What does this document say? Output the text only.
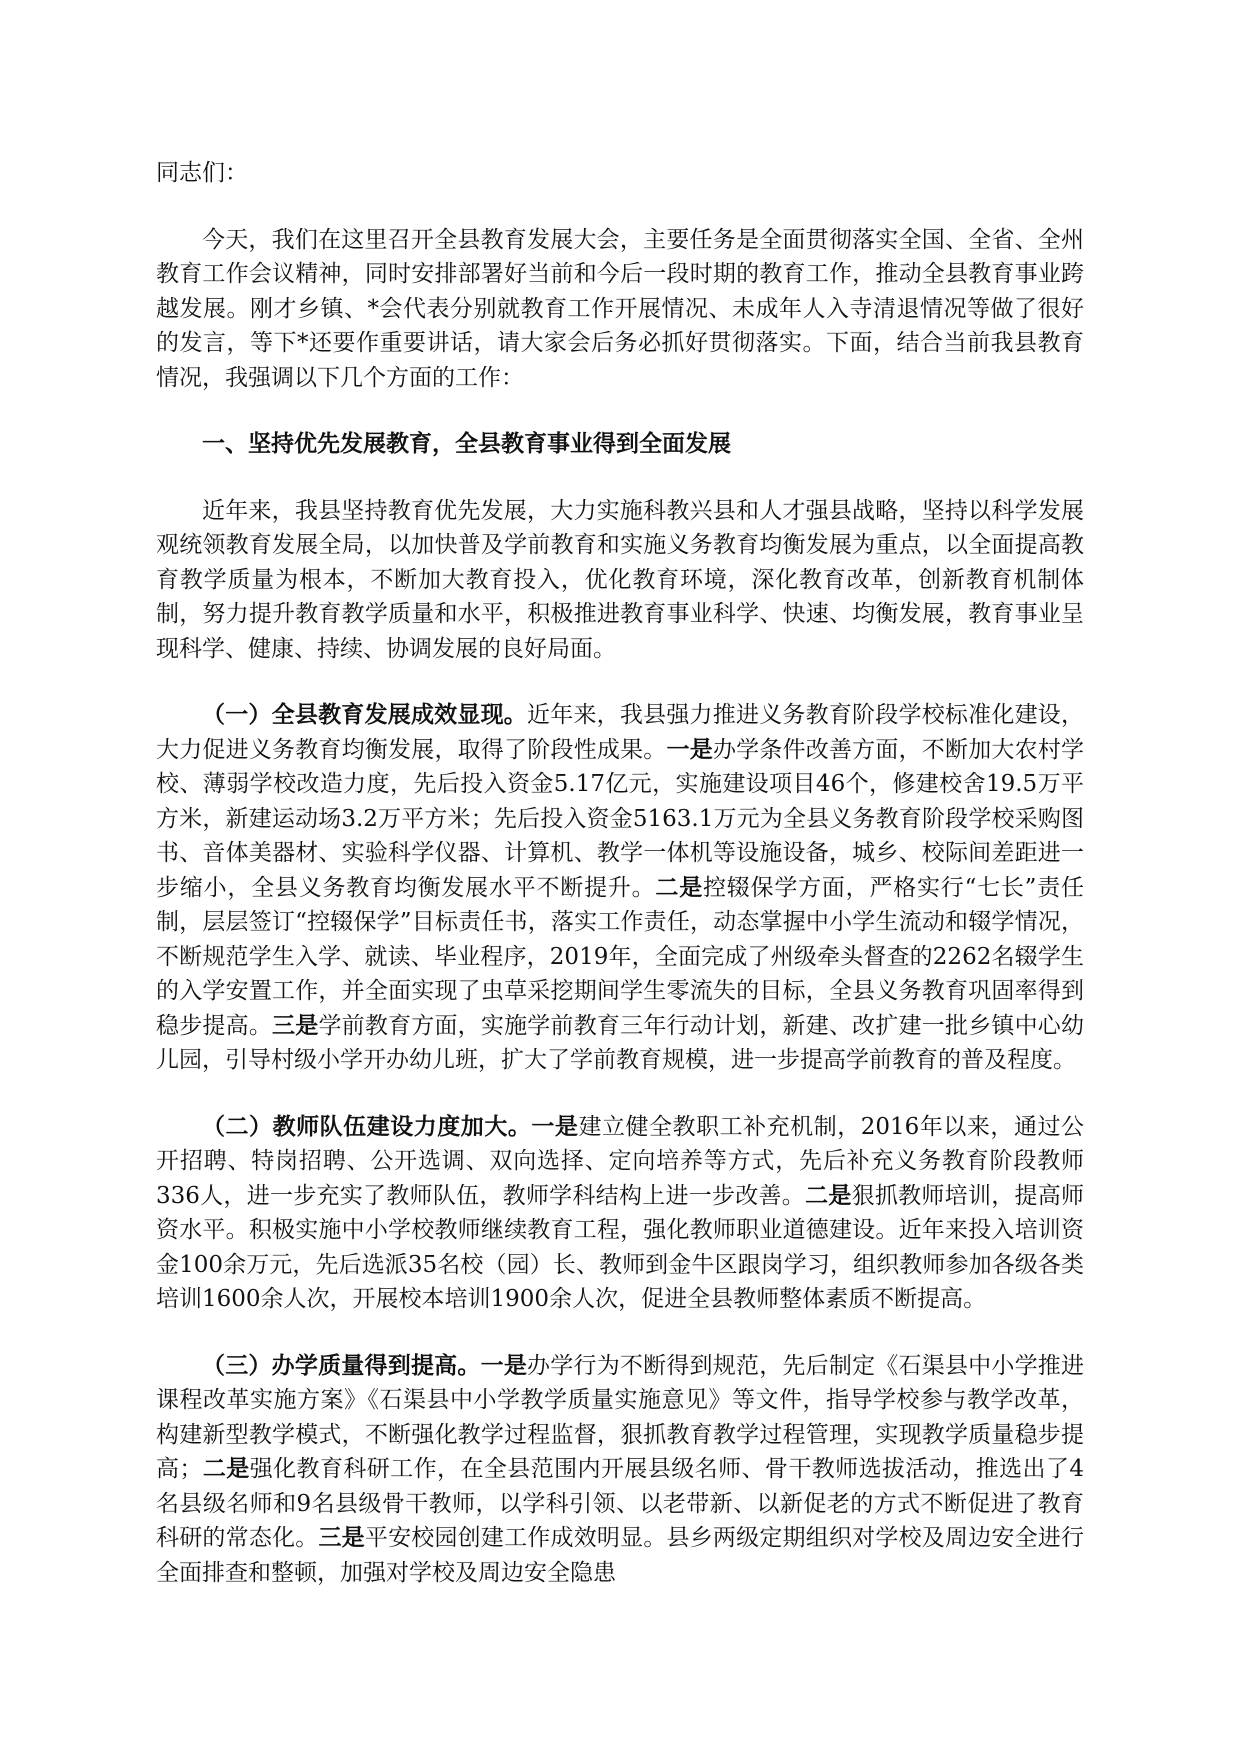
同志们：

今天，我们在这里召开全县教育发展大会，主要任务是全面贯彻落实全国、全省、全州教育工作会议精神，同时安排部署好当前和今后一段时期的教育工作，推动全县教育事业跨越发展。刚才乡镇、*会代表分别就教育工作开展情况、未成年人入寺清退情况等做了很好的发言，等下*还要作重要讲话，请大家会后务必抓好贯彻落实。下面，结合当前我县教育情况，我强调以下几个方面的工作：

一、坚持优先发展教育，全县教育事业得到全面发展

近年来，我县坚持教育优先发展，大力实施科教兴县和人才强县战略，坚持以科学发展观统领教育发展全局，以加快普及学前教育和实施义务教育均衡发展为重点，以全面提高教育教学质量为根本，不断加大教育投入，优化教育环境，深化教育改革，创新教育机制体制，努力提升教育教学质量和水平，积极推进教育事业科学、快速、均衡发展，教育事业呈现科学、健康、持续、协调发展的良好局面。

（一）全县教育发展成效显现。近年来，我县强力推进义务教育阶段学校标准化建设，大力促进义务教育均衡发展，取得了阶段性成果。一是办学条件改善方面，不断加大农村学校、薄弱学校改造力度，先后投入资金5.17亿元，实施建设项目46个，修建校舍19.5万平方米，新建运动场3.2万平方米；先后投入资金5163.1万元为全县义务教育阶段学校采购图书、音体美器材、实验科学仪器、计算机、教学一体机等设施设备，城乡、校际间差距进一步缩小，全县义务教育均衡发展水平不断提升。二是控辍保学方面，严格实行“七长”责任制，层层签订“控辍保学”目标责任书，落实工作责任，动态掌握中小学生流动和辍学情况，不断规范学生入学、就读、毕业程序，2019年，全面完成了州级牵头督查的2262名辍学生的入学安置工作，并全面实现了虫草采挖期间学生零流失的目标，全县义务教育巩固率得到稳步提高。三是学前教育方面，实施学前教育三年行动计划，新建、改扩建一批乡镇中心幼儿园，引导村级小学开办幼儿班，扩大了学前教育规模，进一步提高学前教育的普及程度。

（二）教师队伍建设力度加大。一是建立健全教职工补充机制，2016年以来，通过公开招聘、特岗招聘、公开选调、双向选择、定向培养等方式，先后补充义务教育阶段教师336人，进一步充实了教师队伍，教师学科结构上进一步改善。二是狠抓教师培训，提高师资水平。积极实施中小学校教师继续教育工程，强化教师职业道德建设。近年来投入培训资金100余万元，先后选派35名校（园）长、教师到金牛区跟岗学习，组织教师参加各级各类培训1600余人次，开展校本培训1900余人次，促进全县教师整体素质不断提高。

（三）办学质量得到提高。一是办学行为不断得到规范，先后制定《石渠县中小学推进课程改革实施方案》《石渠县中小学教学质量实施意见》等文件，指导学校参与教学改革，构建新型教学模式，不断强化教学过程监督，狠抓教育教学过程管理，实现教学质量稳步提高；二是强化教育科研工作，在全县范围内开展县级名师、骨干教师选拔活动，推选出了4名县级名师和9名县级骨干教师，以学科引领、以老带新、以新促老的方式不断促进了教育科研的常态化。三是平安校园创建工作成效明显。县乡两级定期组织对学校及周边安全进行全面排查和整顿，加强对学校及周边安全隐患
